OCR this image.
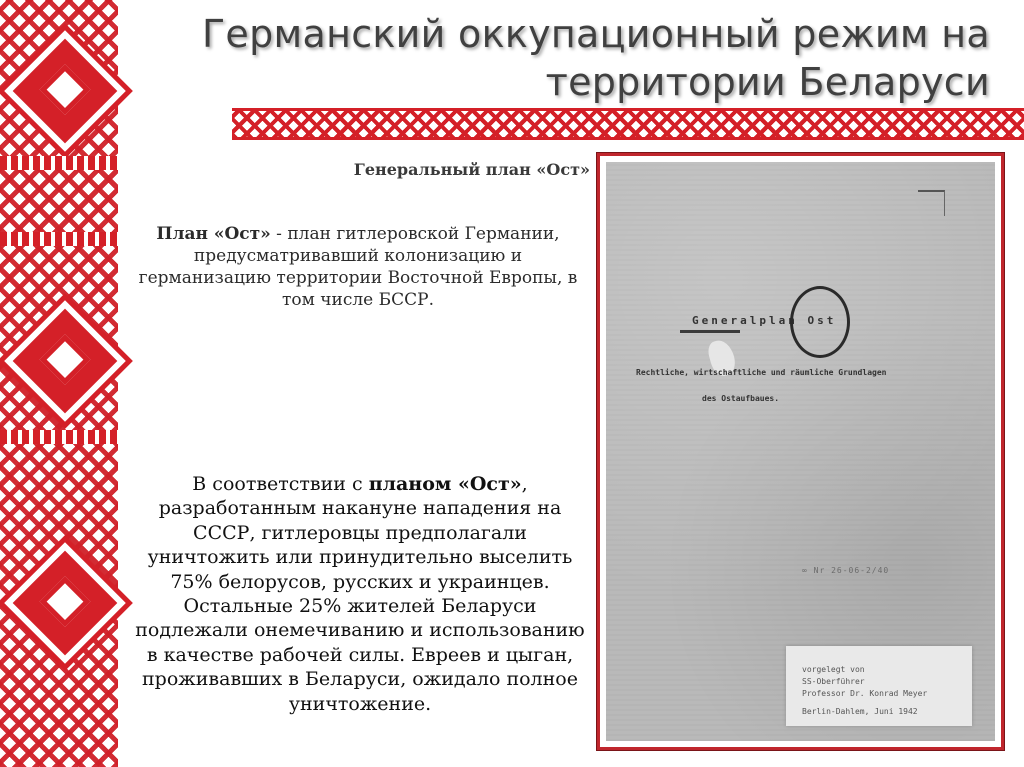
Германский оккупационный режим на территории Беларуси
Генеральный план «Ост»
План «Ост» - план гитлеровской Германии, предусматривавший колонизацию и германизацию территории Восточной Европы, в том числе БССР.
В соответствии с планом «Ост», разработанным накануне нападения на СССР, гитлеровцы предполагали уничтожить или принудительно выселить 75% белорусов, русских и украинцев. Остальные 25% жителей Беларуси подлежали онемечиванию и использованию в качестве рабочей силы. Евреев и цыган, проживавших в Беларуси, ожидало полное уничтожение.
Generalplan Ost
Rechtliche, wirtschaftliche und räumliche Grundlagen
des Ostaufbaues.
∞ Nr 26-06-2/40
vorgelegt von
SS-Oberführer
Professor Dr. Konrad Meyer
Berlin-Dahlem, Juni 1942
